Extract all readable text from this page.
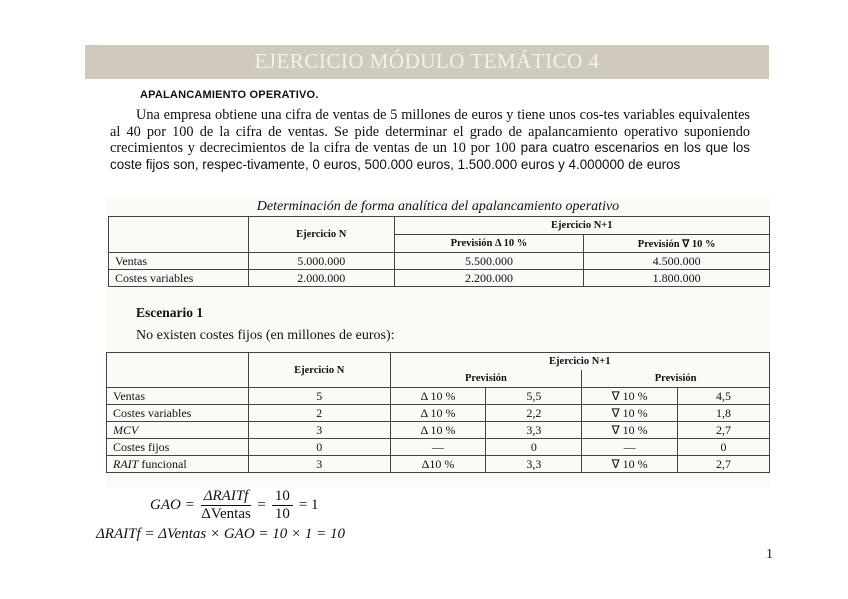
EJERCICIO MÓDULO TEMÁTICO 4
APALANCAMIENTO OPERATIVO.

Una empresa obtiene una cifra de ventas de 5 millones de euros y tiene unos cos-tes variables equivalentes al 40 por 100 de la cifra de ventas. Se pide determinar el grado de apalancamiento operativo suponiendo crecimientos y decrecimientos de la cifra de ventas de un 10 por 100 para cuatro escenarios en los que los coste fijos son, respec-tivamente, 0 euros, 500.000 euros, 1.500.000 euros y 4.000000 de euros

Determinación de forma analítica del apalancamiento operativo
	Ejercicio N	Ejercicio N+1	
		Previsión Δ 10 %	Previsión ∇ 10 %
Ventas	5.000.000	5.500.000	4.500.000
Costes variables	2.000.000	2.200.000	1.800.000
Escenario 1
No existen costes fijos (en millones de euros):
	Ejercicio N	Ejercicio N+1			
		Previsión		Previsión	
Ventas	5	Δ 10 %	5,5	∇ 10 %	4,5
Costes variables	2	Δ 10 %	2,2	∇ 10 %	1,8
MCV	3	Δ 10 %	3,3	∇ 10 %	2,7
Costes fijos	0	—	0	—	0
RAIT funcional	3	Δ10 %	3,3	∇ 10 %	2,7
GAO = $\frac{\text{ΔRAITf}}{\text{ΔVentas}} = \frac{10}{10} = 1$
ΔRAITf = ΔVentas × GAO = 10 × 1 = 10
1
